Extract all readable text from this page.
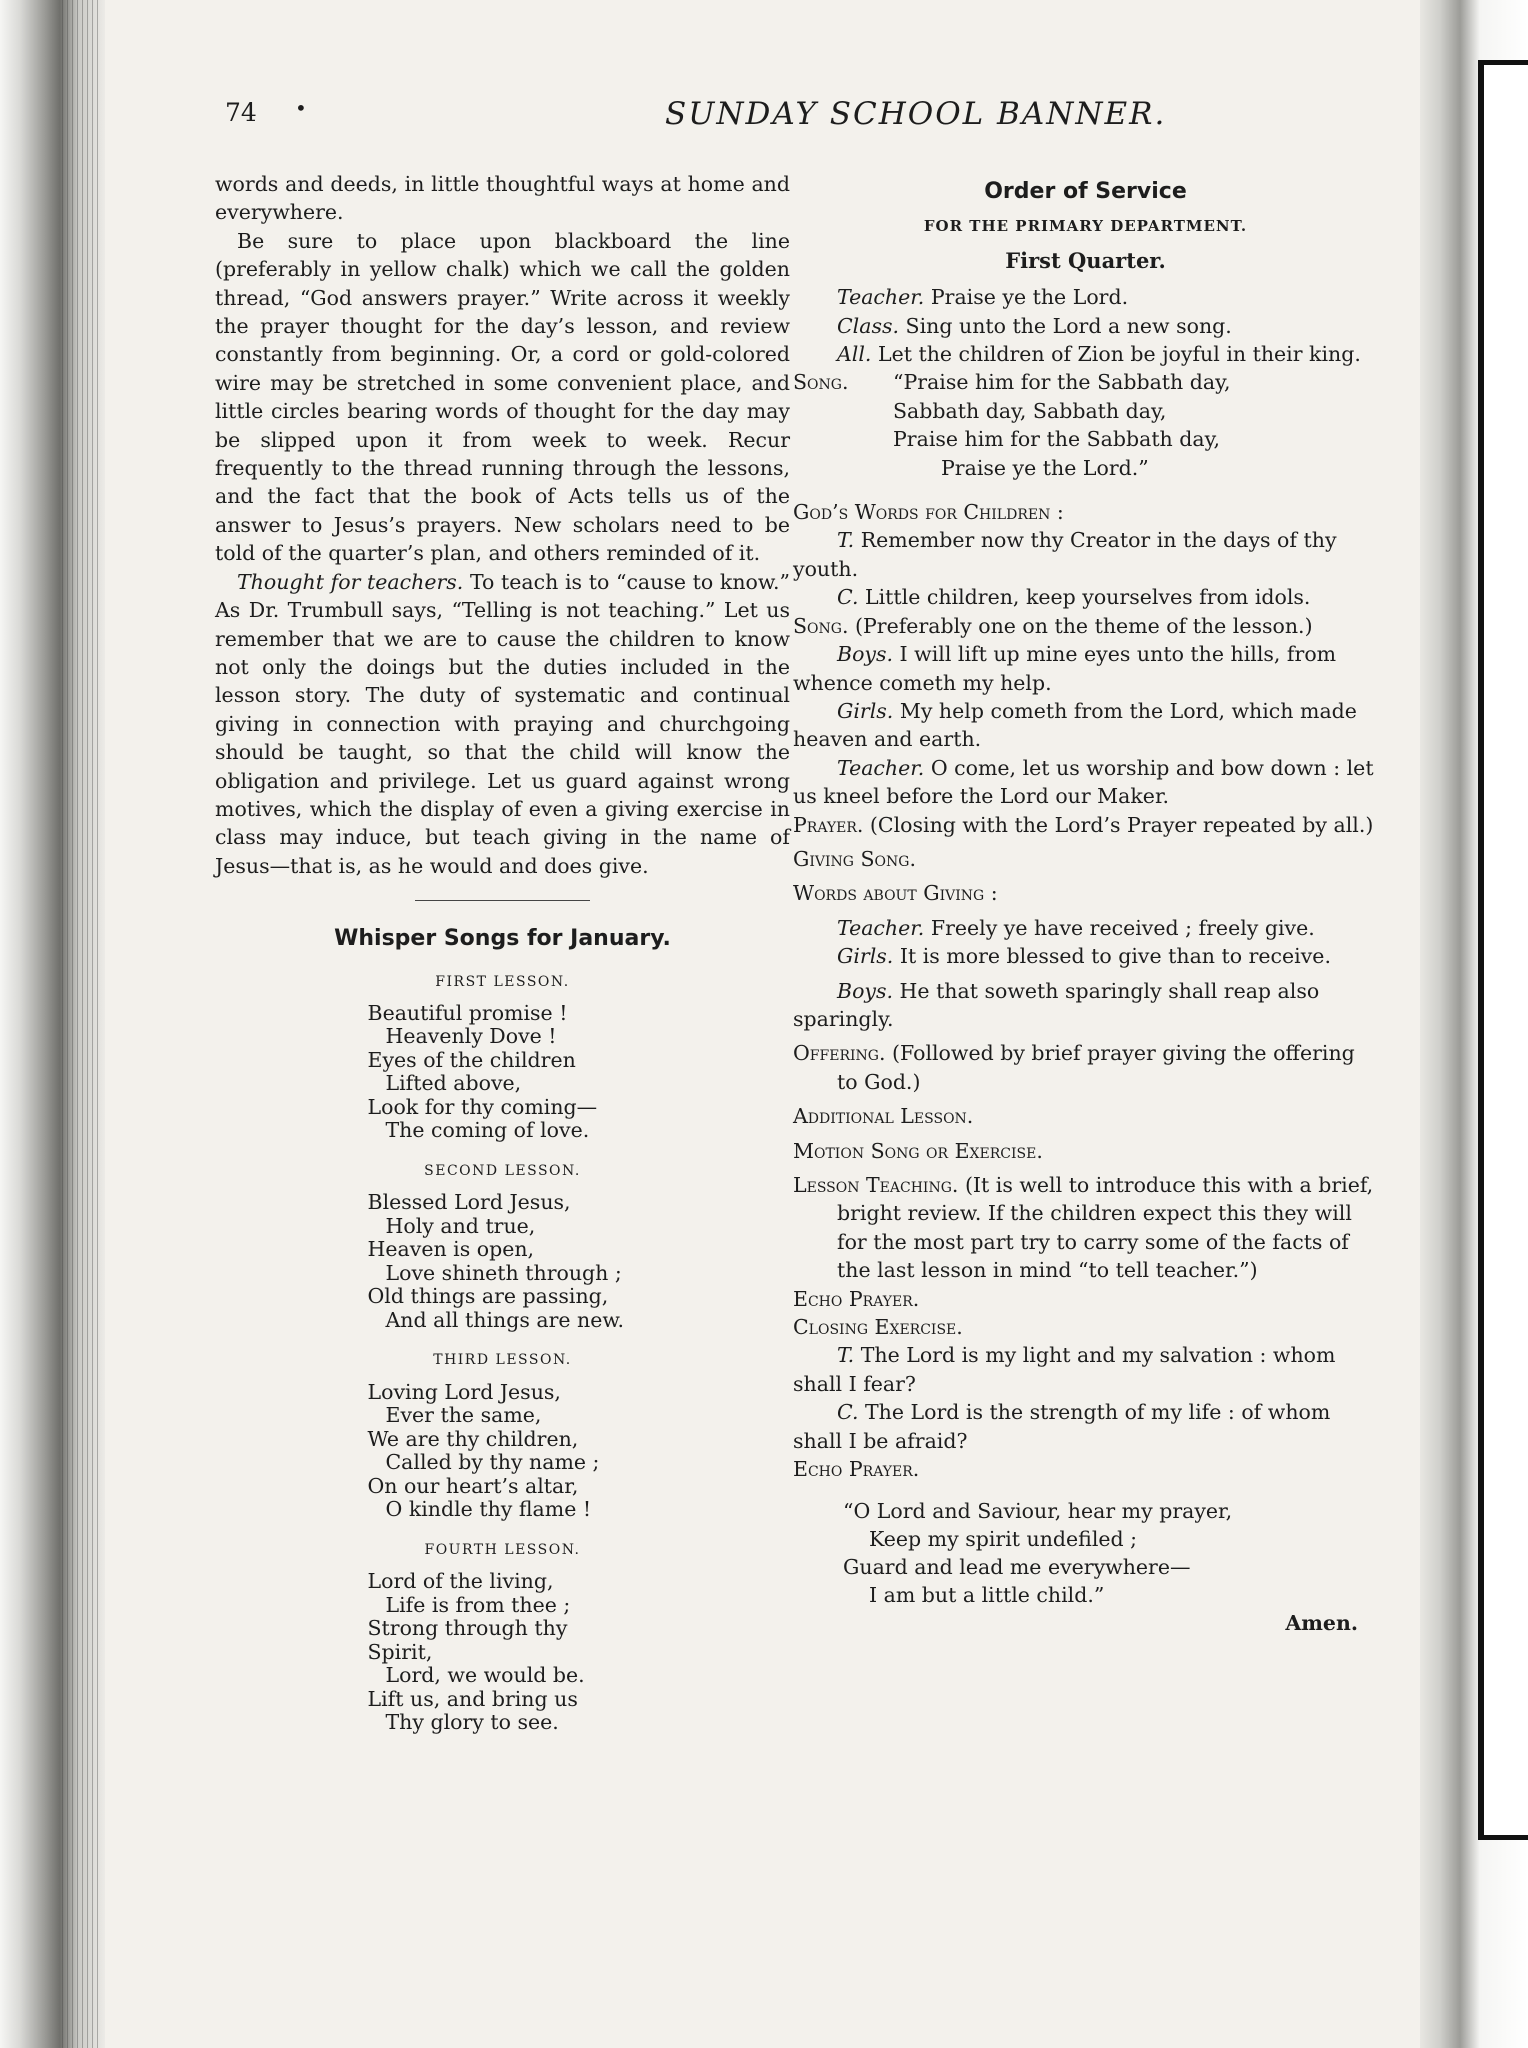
74 •	SUNDAY SCHOOL BANNER.

words and deeds, in little thoughtful ways at home and everywhere.

Be sure to place upon blackboard the line (preferably in yellow chalk) which we call the golden thread, “God answers prayer.” Write across it weekly the prayer thought for the day’s lesson, and review constantly from beginning. Or, a cord or gold-colored wire may be stretched in some convenient place, and little circles bearing words of thought for the day may be slipped upon it from week to week. Recur frequently to the thread running through the lessons, and the fact that the book of Acts tells us of the answer to Jesus’s prayers. New scholars need to be told of the quarter’s plan, and others reminded of it.

Thought for teachers. To teach is to “cause to know.” As Dr. Trumbull says, “Telling is not teaching.” Let us remember that we are to cause the children to know not only the doings but the duties included in the lesson story. The duty of systematic and continual giving in connection with praying and churchgoing should be taught, so that the child will know the obligation and privilege. Let us guard against wrong motives, which the display of even a giving exercise in class may induce, but teach giving in the name of Jesus—that is, as he would and does give.

Whisper Songs for January.
FIRST LESSON.
Beautiful promise !
Heavenly Dove !
Eyes of the children
Lifted above,
Look for thy coming—
The coming of love.
SECOND LESSON.
Blessed Lord Jesus,
Holy and true,
Heaven is open,
Love shineth through ;
Old things are passing,
And all things are new.
THIRD LESSON.
Loving Lord Jesus,
Ever the same,
We are thy children,
Called by thy name ;
On our heart’s altar,
O kindle thy flame !
FOURTH LESSON.
Lord of the living,
Life is from thee ;
Strong through thy Spirit,
Lord, we would be.
Lift us, and bring us
Thy glory to see.
Order of Service
FOR THE PRIMARY DEPARTMENT.
First Quarter.

Teacher. Praise ye the Lord.

Class. Sing unto the Lord a new song.

All. Let the children of Zion be joyful in their king.

Song.	“Praise him for the Sabbath day,
Sabbath day, Sabbath day,
Praise him for the Sabbath day,
Praise ye the Lord.”

God’s Words for Children :

T. Remember now thy Creator in the days of thy youth.

C. Little children, keep yourselves from idols.

Song. (Preferably one on the theme of the lesson.)

Boys. I will lift up mine eyes unto the hills, from whence cometh my help.

Girls. My help cometh from the Lord, which made heaven and earth.

Teacher. O come, let us worship and bow down : let us kneel before the Lord our Maker.

Prayer. (Closing with the Lord’s Prayer repeated by all.)

Giving Song.

Words about Giving :

Teacher. Freely ye have received ; freely give.

Girls. It is more blessed to give than to receive.

Boys. He that soweth sparingly shall reap also sparingly.

Offering. (Followed by brief prayer giving the offering to God.)

Additional Lesson.

Motion Song or Exercise.

Lesson Teaching. (It is well to introduce this with a brief, bright review. If the children expect this they will for the most part try to carry some of the facts of the last lesson in mind “to tell teacher.”)

Echo Prayer.

Closing Exercise.

T. The Lord is my light and my salvation : whom shall I fear?

C. The Lord is the strength of my life : of whom shall I be afraid?

Echo Prayer.

“O Lord and Saviour, hear my prayer,
Keep my spirit undefiled ;
Guard and lead me everywhere—
I am but a little child.”
Amen.
